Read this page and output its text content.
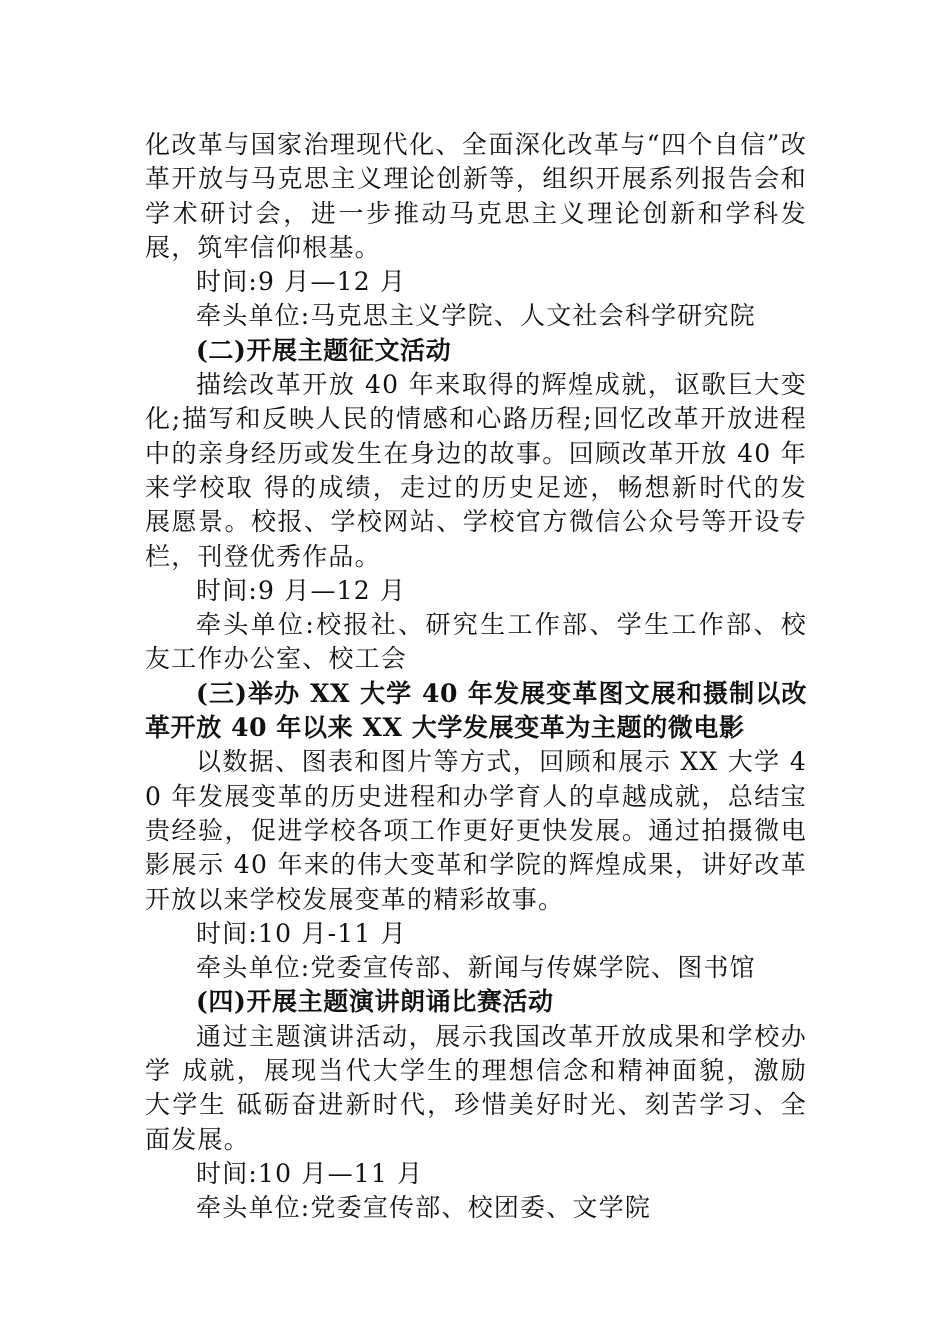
化改革与国家治理现代化、全面深化改革与“四个自信”改革开放与马克思主义理论创新等，组织开展系列报告会和学术研讨会，进一步推动马克思主义理论创新和学科发展，筑牢信仰根基。

时间:9 月—12 月

牵头单位:马克思主义学院、人文社会科学研究院

(二)开展主题征文活动

描绘改革开放 40 年来取得的辉煌成就，讴歌巨大变化;描写和反映人民的情感和心路历程;回忆改革开放进程中的亲身经历或发生在身边的故事。回顾改革开放 40 年来学校取 得的成绩，走过的历史足迹，畅想新时代的发展愿景。校报、学校网站、学校官方微信公众号等开设专栏，刊登优秀作品。

时间:9 月—12 月

牵头单位:校报社、研究生工作部、学生工作部、校友工作办公室、校工会

(三)举办 XX 大学 40 年发展变革图文展和摄制以改革开放 40 年以来 XX 大学发展变革为主题的微电影

以数据、图表和图片等方式，回顾和展示 XX 大学 40 年发展变革的历史进程和办学育人的卓越成就，总结宝贵经验，促进学校各项工作更好更快发展。通过拍摄微电影展示 40 年来的伟大变革和学院的辉煌成果，讲好改革开放以来学校发展变革的精彩故事。

时间:10 月-11 月

牵头单位:党委宣传部、新闻与传媒学院、图书馆

(四)开展主题演讲朗诵比赛活动

通过主题演讲活动，展示我国改革开放成果和学校办学 成就，展现当代大学生的理想信念和精神面貌，激励大学生 砥砺奋进新时代，珍惜美好时光、刻苦学习、全面发展。

时间:10 月—11 月

牵头单位:党委宣传部、校团委、文学院
